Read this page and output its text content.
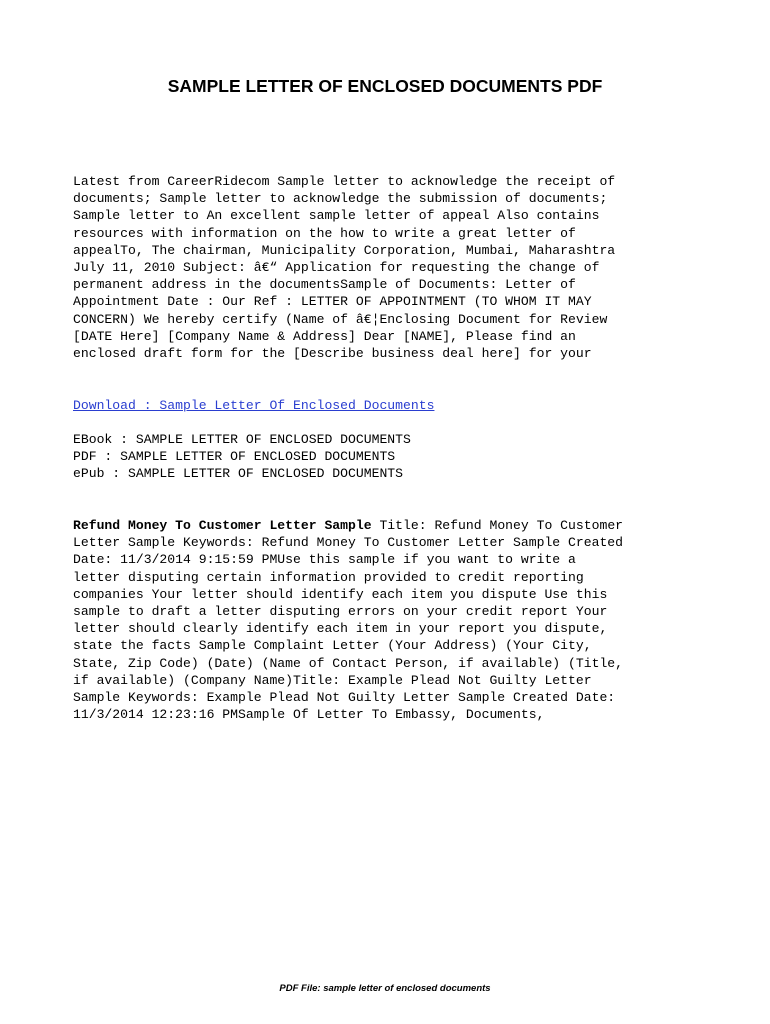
SAMPLE LETTER OF ENCLOSED DOCUMENTS PDF
Latest from CareerRidecom Sample letter to acknowledge the receipt of
documents; Sample letter to acknowledge the submission of documents;
Sample letter to An excellent sample letter of appeal Also contains
resources with information on the how to write a great letter of
appealTo, The chairman, Municipality Corporation, Mumbai, Maharashtra
July 11, 2010 Subject: â€“ Application for requesting the change of
permanent address in the documentsSample of Documents: Letter of
Appointment Date : Our Ref : LETTER OF APPOINTMENT (TO WHOM IT MAY
CONCERN) We hereby certify (Name of â€¦Enclosing Document for Review
[DATE Here] [Company Name & Address] Dear [NAME], Please find an
enclosed draft form for the [Describe business deal here] for your
Download : Sample Letter Of Enclosed Documents
EBook : SAMPLE LETTER OF ENCLOSED DOCUMENTS
PDF : SAMPLE LETTER OF ENCLOSED DOCUMENTS
ePub : SAMPLE LETTER OF ENCLOSED DOCUMENTS
Refund Money To Customer Letter Sample Title: Refund Money To Customer
Letter Sample Keywords: Refund Money To Customer Letter Sample Created
Date: 11/3/2014 9:15:59 PMUse this sample if you want to write a
letter disputing certain information provided to credit reporting
companies Your letter should identify each item you dispute Use this
sample to draft a letter disputing errors on your credit report Your
letter should clearly identify each item in your report you dispute,
state the facts Sample Complaint Letter (Your Address) (Your City,
State, Zip Code) (Date) (Name of Contact Person, if available) (Title,
if available) (Company Name)Title: Example Plead Not Guilty Letter
Sample Keywords: Example Plead Not Guilty Letter Sample Created Date:
11/3/2014 12:23:16 PMSample Of Letter To Embassy, Documents,
PDF File: sample letter of enclosed documents
